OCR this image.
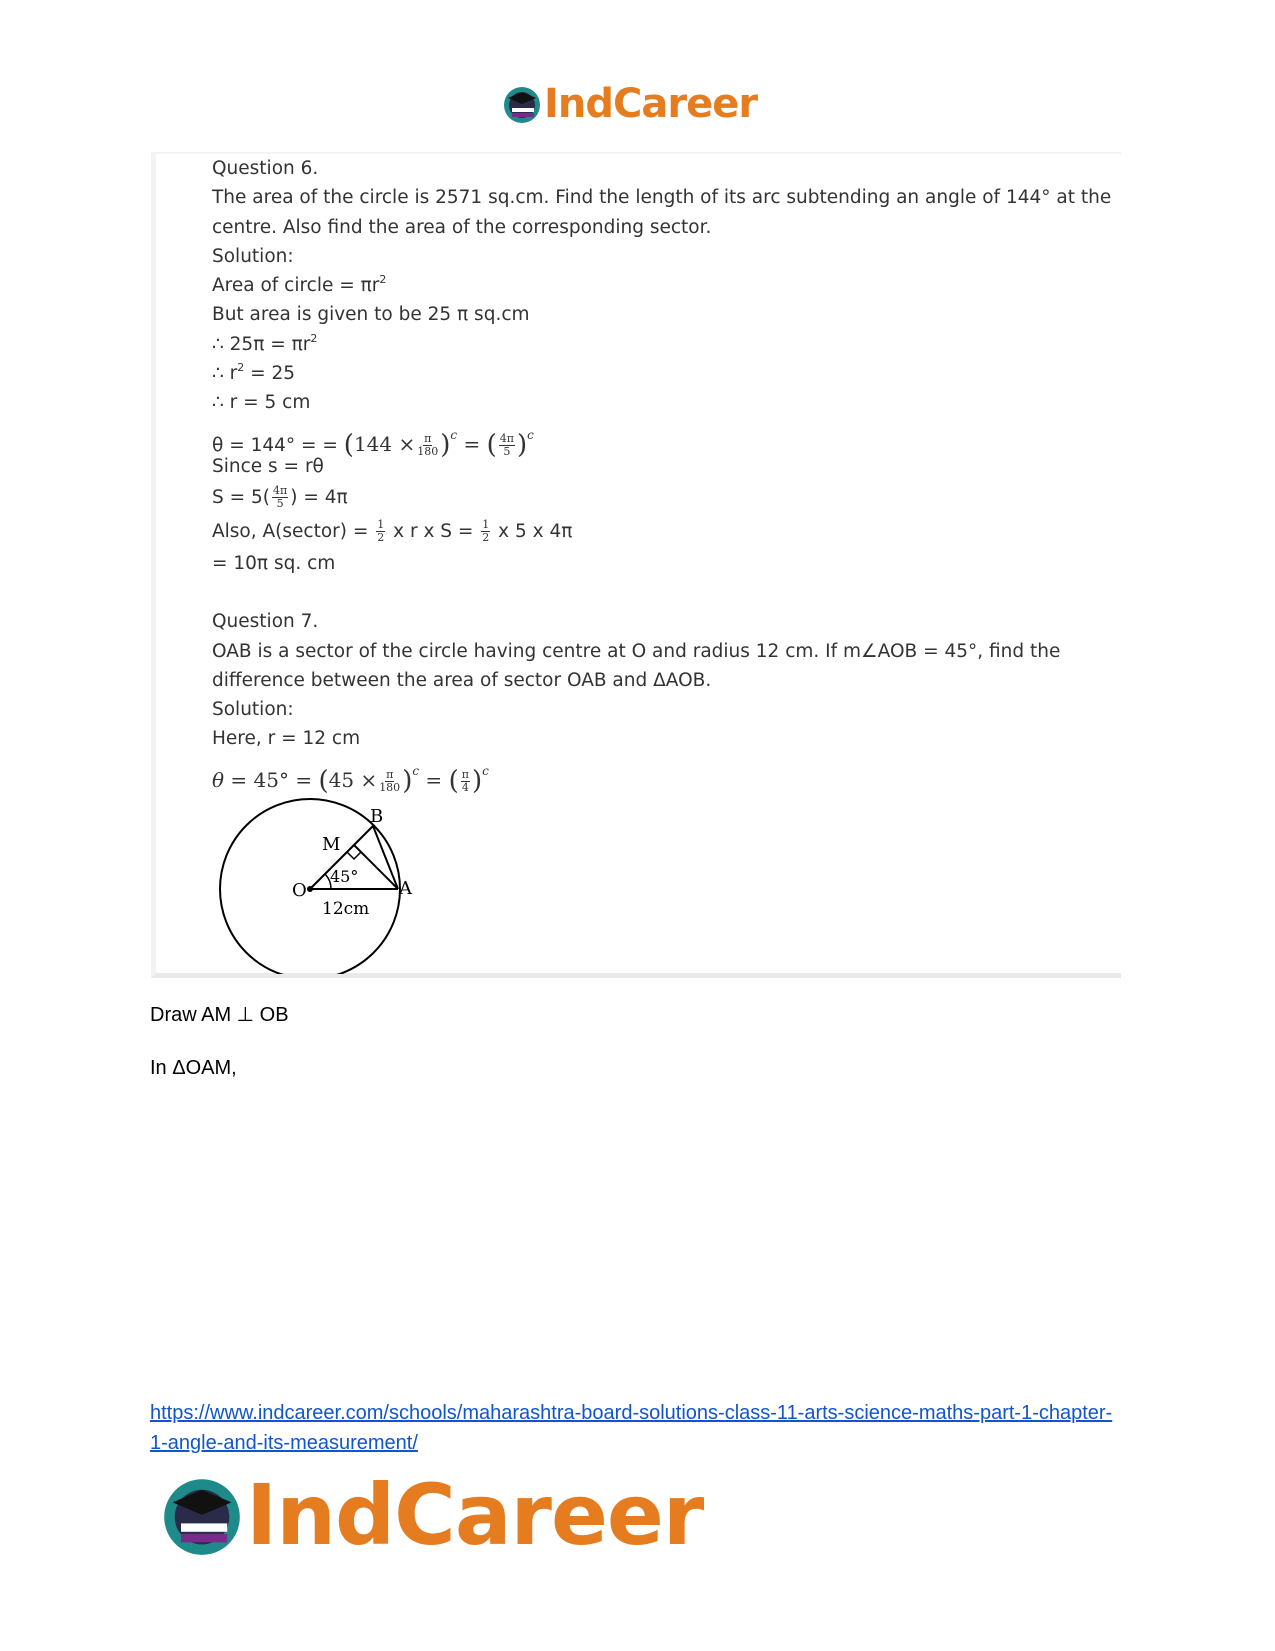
IndCareer
Question 6.
The area of the circle is 2571 sq.cm. Find the length of its arc subtending an angle of 144° at the
centre. Also find the area of the corresponding sector.
Solution:
Area of circle = $\pi r^2$
But area is given to be 25 π sq.cm
∴ $25\pi = \pi r^2$
∴ $r^2 = 25$
∴ r = 5 cm
θ = 144° = = $(144 \times \frac{\pi}{180} )^c$ = ( $\frac{4\pi}{5} )^c$
Since s = rθ
$S = 5( \frac{4\pi}{5}$ ) = 4π
Also, A(sector) = $\frac{1}{2}$ x r x $S = \frac{1}{2}$ x 5 x 4π
= 10π sq. cm
Question 7.
OAB is a sector of the circle having centre at O and radius 12 cm. If m∠AOB = 45°, find the
difference between the area of sector OAB and ΔAOB.
Solution:
Here, r = 12 cm
$\theta = 45^\circ = (45 \times \frac{\pi}{180} )^c$ = ( $\frac{\pi}{4} )^c$
O	A
B
M
45°
12cm
Draw AM ⊥ OB
In ΔOAM,
https://www.indcareer.com/schools/maharashtra-board-solutions-class-11-arts-science-maths-part-1-chapter-1-angle-and-its-measurement/
IndCareer
